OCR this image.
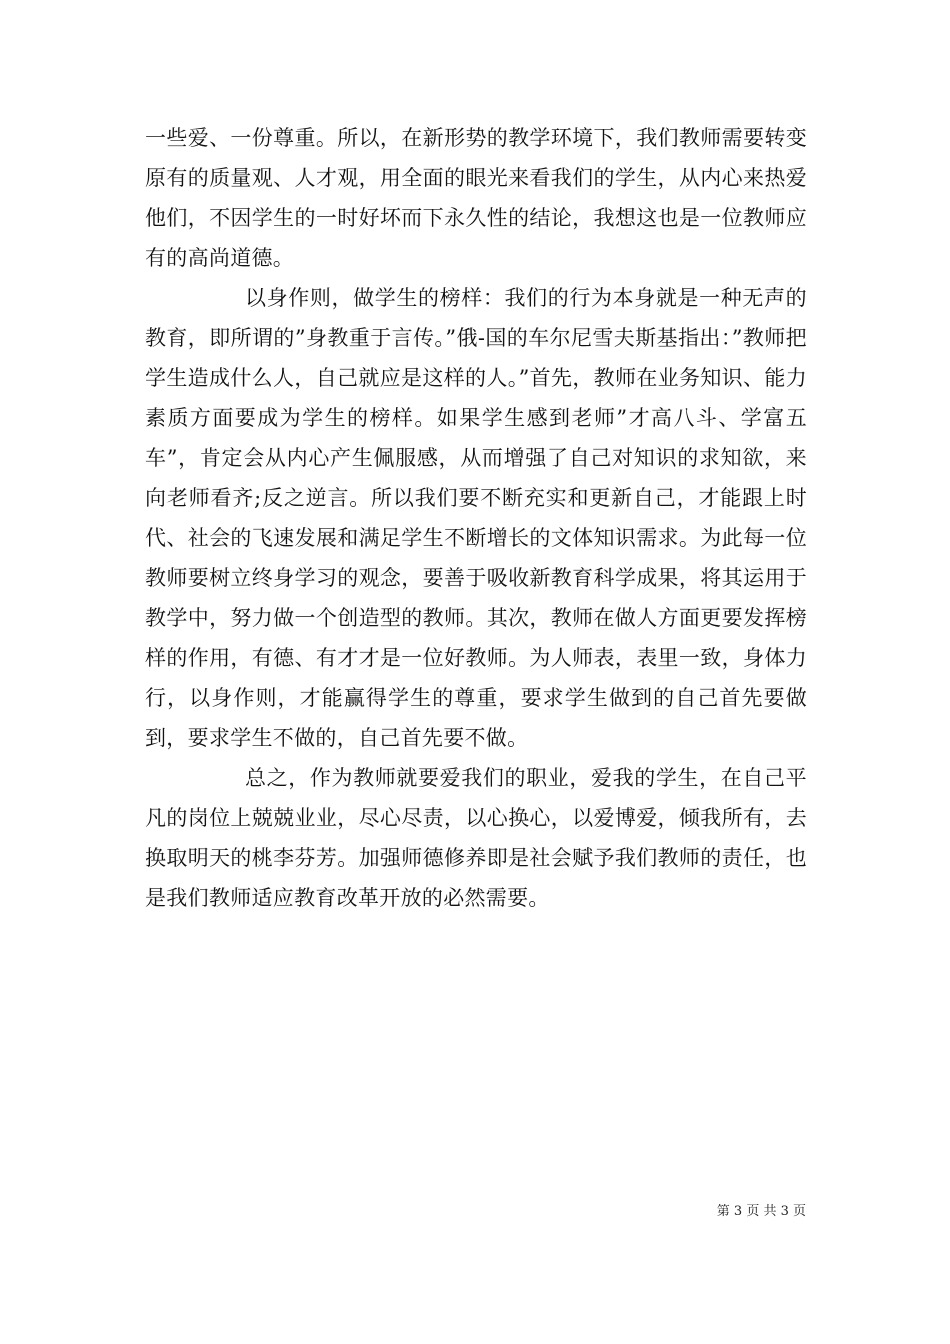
一些爱、一份尊重。所以，在新形势的教学环境下，我们教师需要转变原有的质量观、人才观，用全面的眼光来看我们的学生，从内心来热爱他们，不因学生的一时好坏而下永久性的结论，我想这也是一位教师应有的高尚道德。

以身作则，做学生的榜样：我们的行为本身就是一种无声的教育，即所谓的”身教重于言传。”俄-国的车尔尼雪夫斯基指出：”教师把学生造成什么人，自己就应是这样的人。”首先，教师在业务知识、能力素质方面要成为学生的榜样。如果学生感到老师”才高八斗、学富五车”，肯定会从内心产生佩服感，从而增强了自己对知识的求知欲，来向老师看齐;反之逆言。所以我们要不断充实和更新自己，才能跟上时代、社会的飞速发展和满足学生不断增长的文体知识需求。为此每一位教师要树立终身学习的观念，要善于吸收新教育科学成果，将其运用于教学中，努力做一个创造型的教师。其次，教师在做人方面更要发挥榜样的作用，有德、有才才是一位好教师。为人师表，表里一致，身体力行，以身作则，才能赢得学生的尊重，要求学生做到的自己首先要做到，要求学生不做的，自己首先要不做。

总之，作为教师就要爱我们的职业，爱我的学生，在自己平凡的岗位上兢兢业业，尽心尽责，以心换心，以爱博爱，倾我所有，去换取明天的桃李芬芳。加强师德修养即是社会赋予我们教师的责任，也是我们教师适应教育改革开放的必然需要。

第 3 页 共 3 页
